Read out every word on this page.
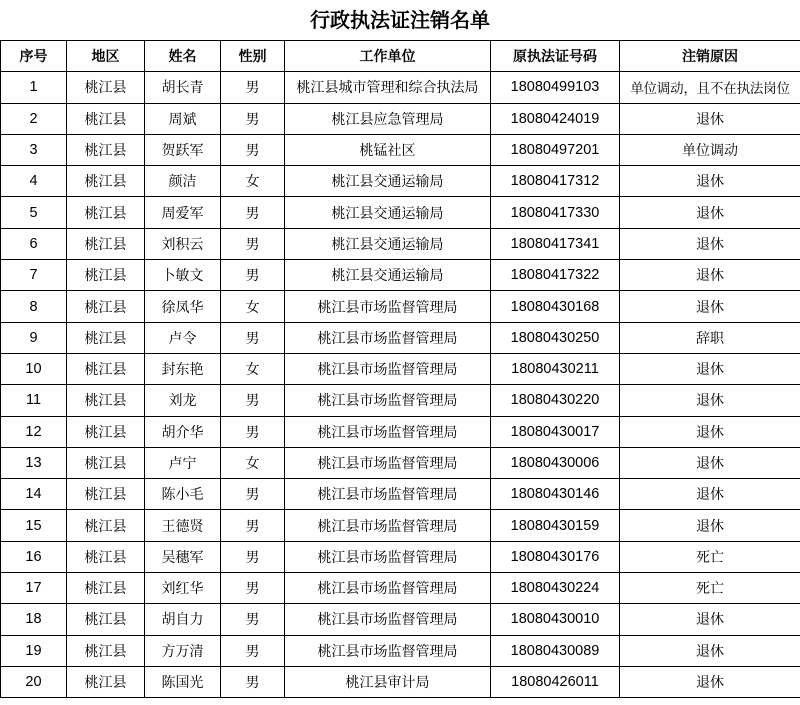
行政执法证注销名单
序号	地区	姓名	性别	工作单位	原执法证号码	注销原因
1	桃江县	胡长青	男	桃江县城市管理和综合执法局	18080499103	单位调动，且不在执法岗位
2	桃江县	周斌	男	桃江县应急管理局	18080424019	退休
3	桃江县	贺跃军	男	桃锰社区	18080497201	单位调动
4	桃江县	颜洁	女	桃江县交通运输局	18080417312	退休
5	桃江县	周爱军	男	桃江县交通运输局	18080417330	退休
6	桃江县	刘积云	男	桃江县交通运输局	18080417341	退休
7	桃江县	卜敏文	男	桃江县交通运输局	18080417322	退休
8	桃江县	徐凤华	女	桃江县市场监督管理局	18080430168	退休
9	桃江县	卢令	男	桃江县市场监督管理局	18080430250	辞职
10	桃江县	封东艳	女	桃江县市场监督管理局	18080430211	退休
11	桃江县	刘龙	男	桃江县市场监督管理局	18080430220	退休
12	桃江县	胡介华	男	桃江县市场监督管理局	18080430017	退休
13	桃江县	卢宁	女	桃江县市场监督管理局	18080430006	退休
14	桃江县	陈小毛	男	桃江县市场监督管理局	18080430146	退休
15	桃江县	王德贤	男	桃江县市场监督管理局	18080430159	退休
16	桃江县	吴穗军	男	桃江县市场监督管理局	18080430176	死亡
17	桃江县	刘红华	男	桃江县市场监督管理局	18080430224	死亡
18	桃江县	胡自力	男	桃江县市场监督管理局	18080430010	退休
19	桃江县	方万清	男	桃江县市场监督管理局	18080430089	退休
20	桃江县	陈国光	男	桃江县审计局	18080426011	退休
